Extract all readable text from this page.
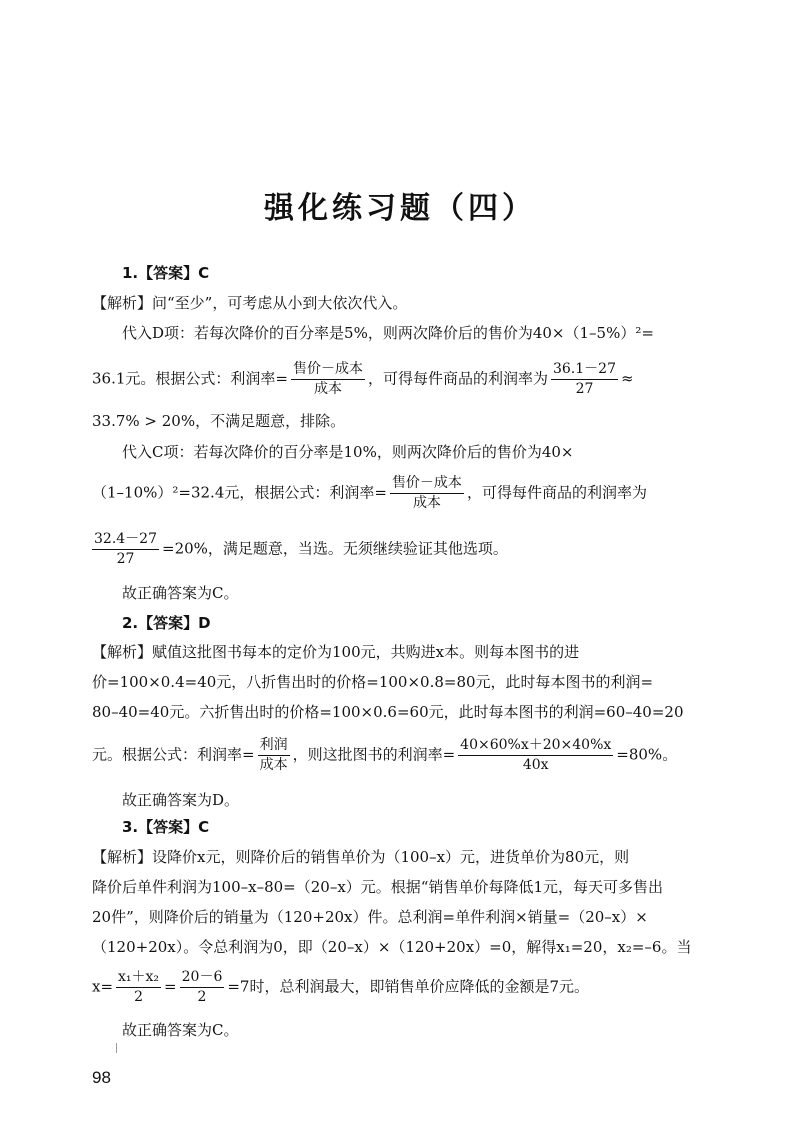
强化练习题（四）
1.【答案】C
【解析】问“至少”，可考虑从小到大依次代入。
代入D项：若每次降价的百分率是5%，则两次降价后的售价为40×（1–5%）²=
36.1元。根据公式：利润率= $\frac{\text{售价－成本}}{\text{成本}}$ ，可得每件商品的利润率为 $\frac{36.1-27}{27}$ ≈
33.7% > 20%，不满足题意，排除。
代入C项：若每次降价的百分率是10%，则两次降价后的售价为40×
（1–10%）²=32.4元，根据公式：利润率= $\frac{\text{售价－成本}}{\text{成本}}$ ，可得每件商品的利润率为
$\frac{32.4-27}{27} =20\%$，满足题意，当选。无须继续验证其他选项。
故正确答案为C。
2.【答案】D
【解析】赋值这批图书每本的定价为100元，共购进x本。则每本图书的进
价=100×0.4=40元，八折售出时的价格=100×0.8=80元，此时每本图书的利润=
80–40=40元。六折售出时的价格=100×0.6=60元，此时每本图书的利润=60–40=20
元。根据公式：利润率= $\frac{\text{利润}}{\text{成本}}$ ，则这批图书的利润率= $\frac{40\times 60\%x+20\times 40\%x}{40x} =80\%$。
故正确答案为D。
3.【答案】C
【解析】设降价x元，则降价后的销售单价为（100–x）元，进货单价为80元，则
降价后单件利润为100–x–80=（20–x）元。根据“销售单价每降低1元，每天可多售出
20件”，则降价后的销量为（120+20x）件。总利润=单件利润×销量=（20–x）×
（120+20x）。令总利润为0，即（20–x）×（120+20x）=0，解得x₁=20，x₂=–6。当
$x= \frac{\text{x₁＋x₂}}{2} = \frac{20-6}{2} =7$时，总利润最大，即销售单价应降低的金额是7元。
故正确答案为C。
98
